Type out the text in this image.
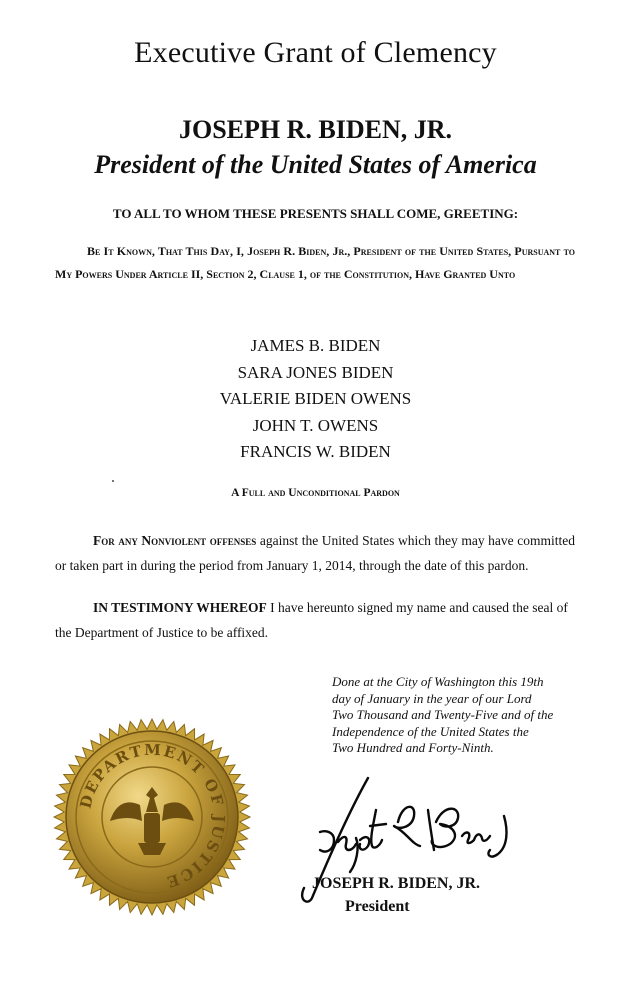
Executive Grant of Clemency
JOSEPH R. BIDEN, JR.
President of the United States of America
TO ALL TO WHOM THESE PRESENTS SHALL COME, GREETING:
Be It Known, That This Day, I, Joseph R. Biden, Jr., President of the United States, Pursuant to My Powers Under Article II, Section 2, Clause 1, of the Constitution, Have Granted Unto
JAMES B. BIDEN
SARA JONES BIDEN
VALERIE BIDEN OWENS
JOHN T. OWENS
FRANCIS W. BIDEN
A Full and Unconditional Pardon
For any Nonviolent offenses against the United States which they may have committed or taken part in during the period from January 1, 2014, through the date of this pardon.
IN TESTIMONY WHEREOF I have hereunto signed my name and caused the seal of the Department of Justice to be affixed.
Done at the City of Washington this 19th
day of January in the year of our Lord
Two Thousand and Twenty-Five and of the
Independence of the United States the
Two Hundred and Forty-Ninth.
DEPARTMENT OF JUSTICE	JOSEPH R. BIDEN, JR.
President
